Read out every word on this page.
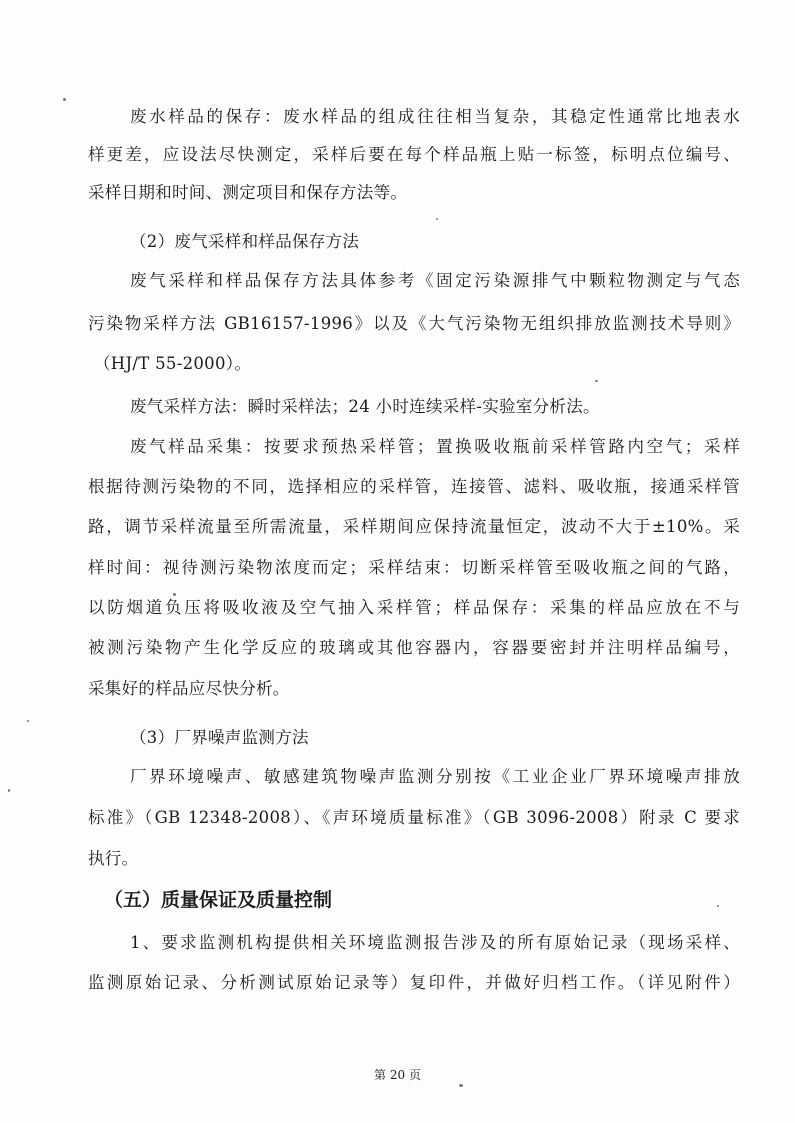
废水样品的保存：废水样品的组成往往相当复杂，其稳定性通常比地表水
样更差，应设法尽快测定，采样后要在每个样品瓶上贴一标签，标明点位编号、
采样日期和时间、测定项目和保存方法等。
（2）废气采样和样品保存方法
废气采样和样品保存方法具体参考《固定污染源排气中颗粒物测定与气态
污染物采样方法 GB16157-1996》以及《大气污染物无组织排放监测技术导则》
（HJ/T 55-2000）。
废气采样方法：瞬时采样法；24 小时连续采样-实验室分析法。
废气样品采集：按要求预热采样管；置换吸收瓶前采样管路内空气；采样
根据待测污染物的不同，选择相应的采样管，连接管、滤料、吸收瓶，接通采样管
路，调节采样流量至所需流量，采样期间应保持流量恒定，波动不大于±10%。采
样时间：视待测污染物浓度而定；采样结束：切断采样管至吸收瓶之间的气路，
以防烟道负压将吸收液及空气抽入采样管；样品保存：采集的样品应放在不与
被测污染物产生化学反应的玻璃或其他容器内，容器要密封并注明样品编号，
采集好的样品应尽快分析。
（3）厂界噪声监测方法
厂界环境噪声、敏感建筑物噪声监测分别按《工业企业厂界环境噪声排放
标准》（GB 12348-2008）、《声环境质量标准》（GB 3096-2008）附录 C 要求
执行。
（五）质量保证及质量控制
1、要求监测机构提供相关环境监测报告涉及的所有原始记录（现场采样、
监测原始记录、分析测试原始记录等）复印件，并做好归档工作。（详见附件）
第 20 页
